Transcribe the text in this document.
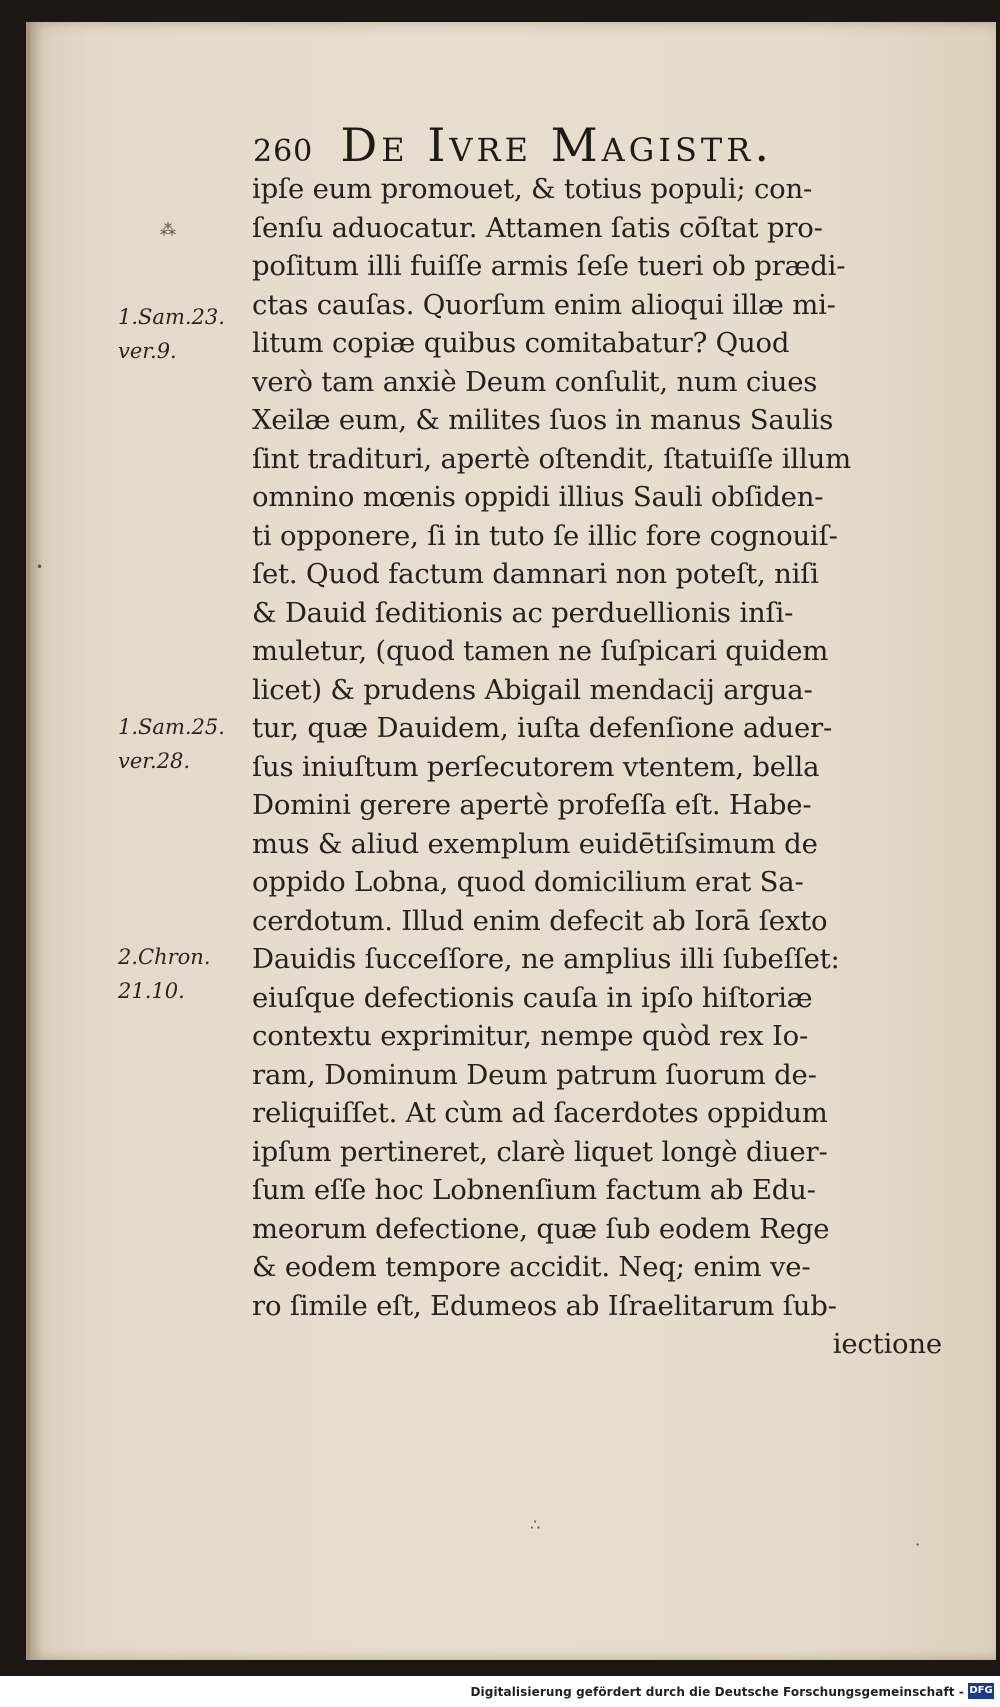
260 De Ivre Magistr.
ipſe eum promouet, & totius populi; con-
ſenſu aduocatur. Attamen ſatis cōſtat pro-
poſitum illi fuiſſe armis ſeſe tueri ob prædi-
ctas cauſas. Quorſum enim alioqui illæ mi-
litum copiæ quibus comitabatur? Quod
verò tam anxiè Deum conſulit, num ciues
Xeilæ eum, & milites ſuos in manus Saulis
ſint tradituri, apertè oſtendit, ſtatuiſſe illum
omnino mœnis oppidi illius Sauli obſiden-
ti opponere, ſi in tuto ſe illic fore cognouiſ-
ſet. Quod factum damnari non poteſt, niſi
& Dauid ſeditionis ac perduellionis inſi-
muletur, (quod tamen ne ſuſpicari quidem
licet) & prudens Abigail mendacij argua-
tur, quæ Dauidem, iuſta defenſione aduer-
ſus iniuſtum perſecutorem vtentem, bella
Domini gerere apertè profeſſa eſt. Habe-
mus & aliud exemplum euidētiſsimum de
oppido Lobna, quod domicilium erat Sa-
cerdotum. Illud enim defecit ab Iorā ſexto
Dauidis ſucceſſore, ne amplius illi ſubeſſet:
eiuſque defectionis cauſa in ipſo hiſtoriæ
contextu exprimitur, nempe quòd rex Io-
ram, Dominum Deum patrum ſuorum de-
reliquiſſet. At cùm ad ſacerdotes oppidum
ipſum pertineret, clarè liquet longè diuer-
ſum eſſe hoc Lobnenſium factum ab Edu-
meorum defectione, quæ ſub eodem Rege
& eodem tempore accidit. Neq; enim ve-
ro ſimile eſt, Edumeos ab Iſraelitarum ſub-
iectione
1.Sam.23.
ver.9.
1.Sam.25.
ver.28.
2.Chron.
21.10.
⁂
•
∴
·
Digitalisierung gefördert durch die Deutsche Forschungsgemeinschaft - DFG
